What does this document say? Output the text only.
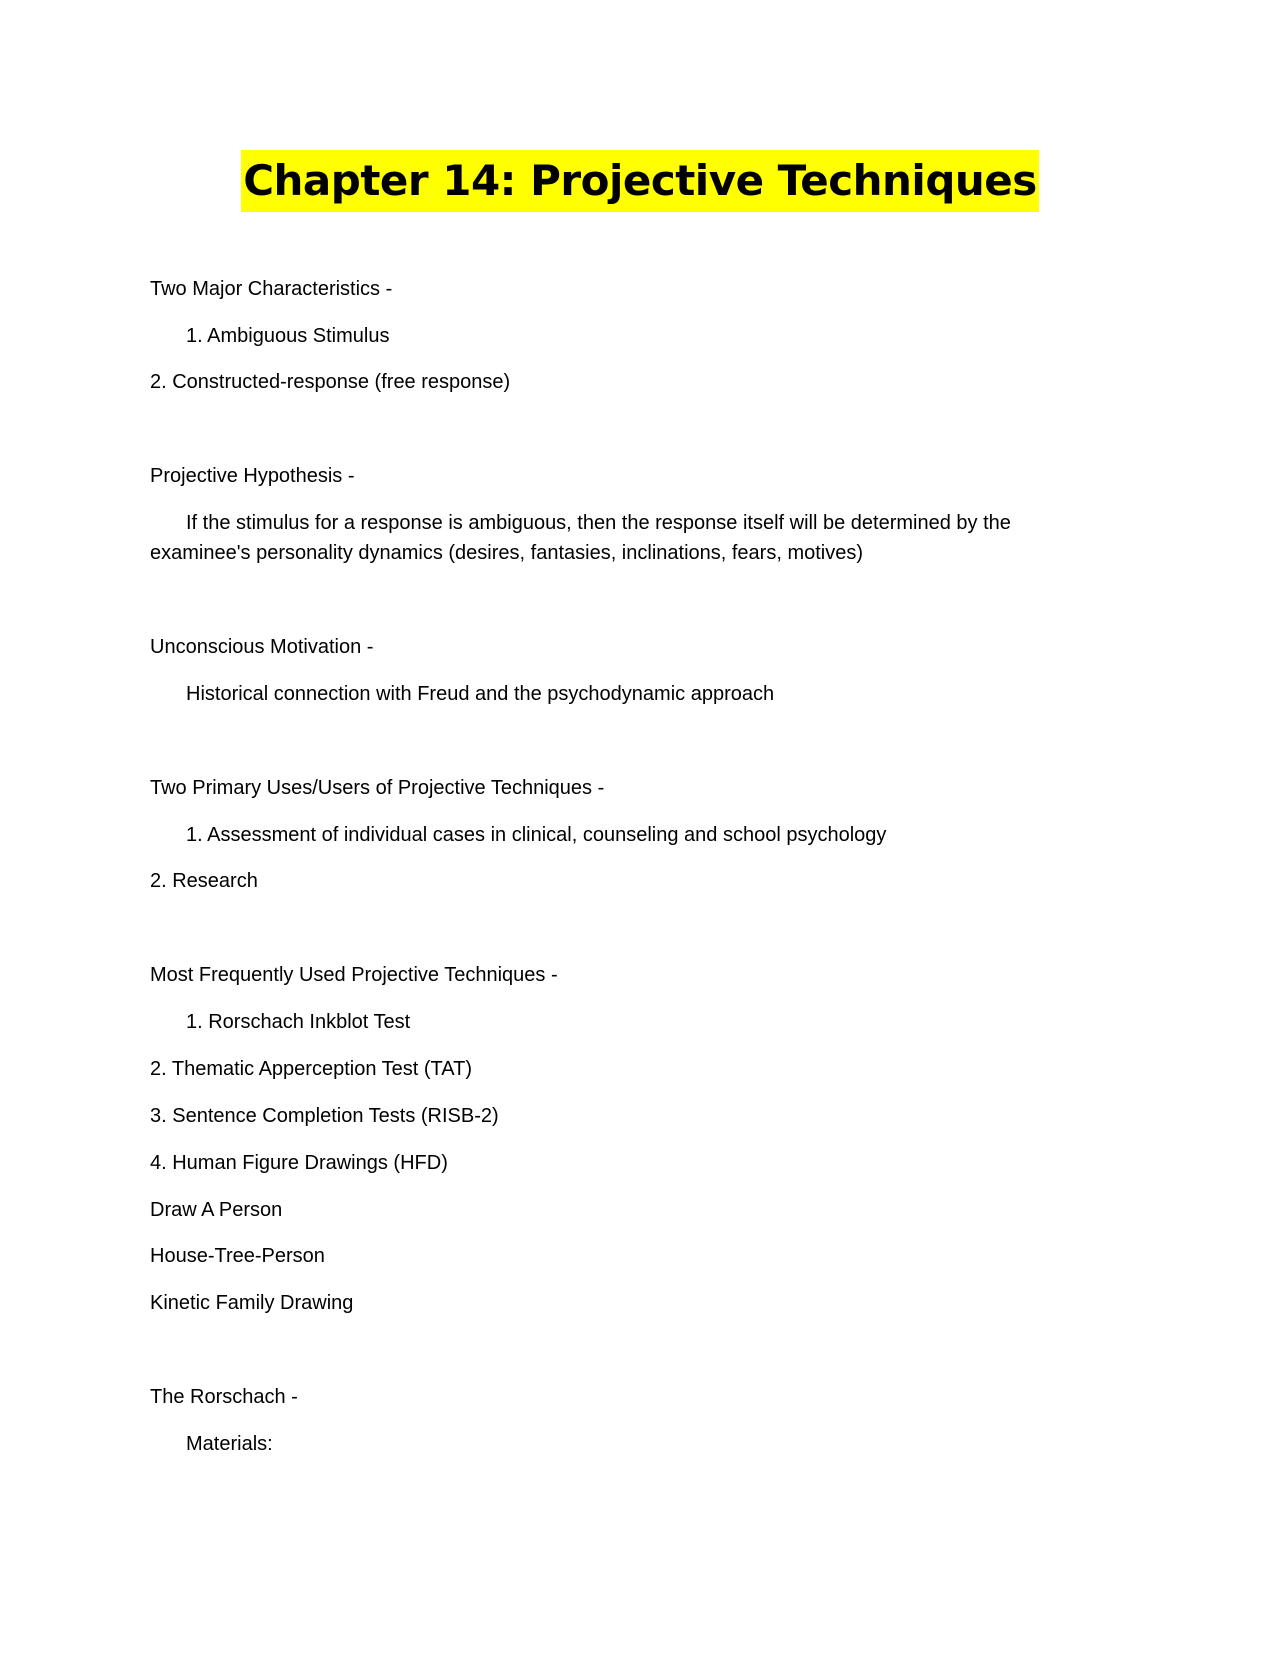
Chapter 14: Projective Techniques
Two Major Characteristics -
1. Ambiguous Stimulus
2. Constructed-response (free response)
Projective Hypothesis -
If the stimulus for a response is ambiguous, then the response itself will be determined by the examinee's personality dynamics (desires, fantasies, inclinations, fears, motives)
Unconscious Motivation -
Historical connection with Freud and the psychodynamic approach
Two Primary Uses/Users of Projective Techniques -
1. Assessment of individual cases in clinical, counseling and school psychology
2. Research
Most Frequently Used Projective Techniques -
1. Rorschach Inkblot Test
2. Thematic Apperception Test (TAT)
3. Sentence Completion Tests (RISB-2)
4. Human Figure Drawings (HFD)
Draw A Person
House-Tree-Person
Kinetic Family Drawing
The Rorschach -
Materials:
